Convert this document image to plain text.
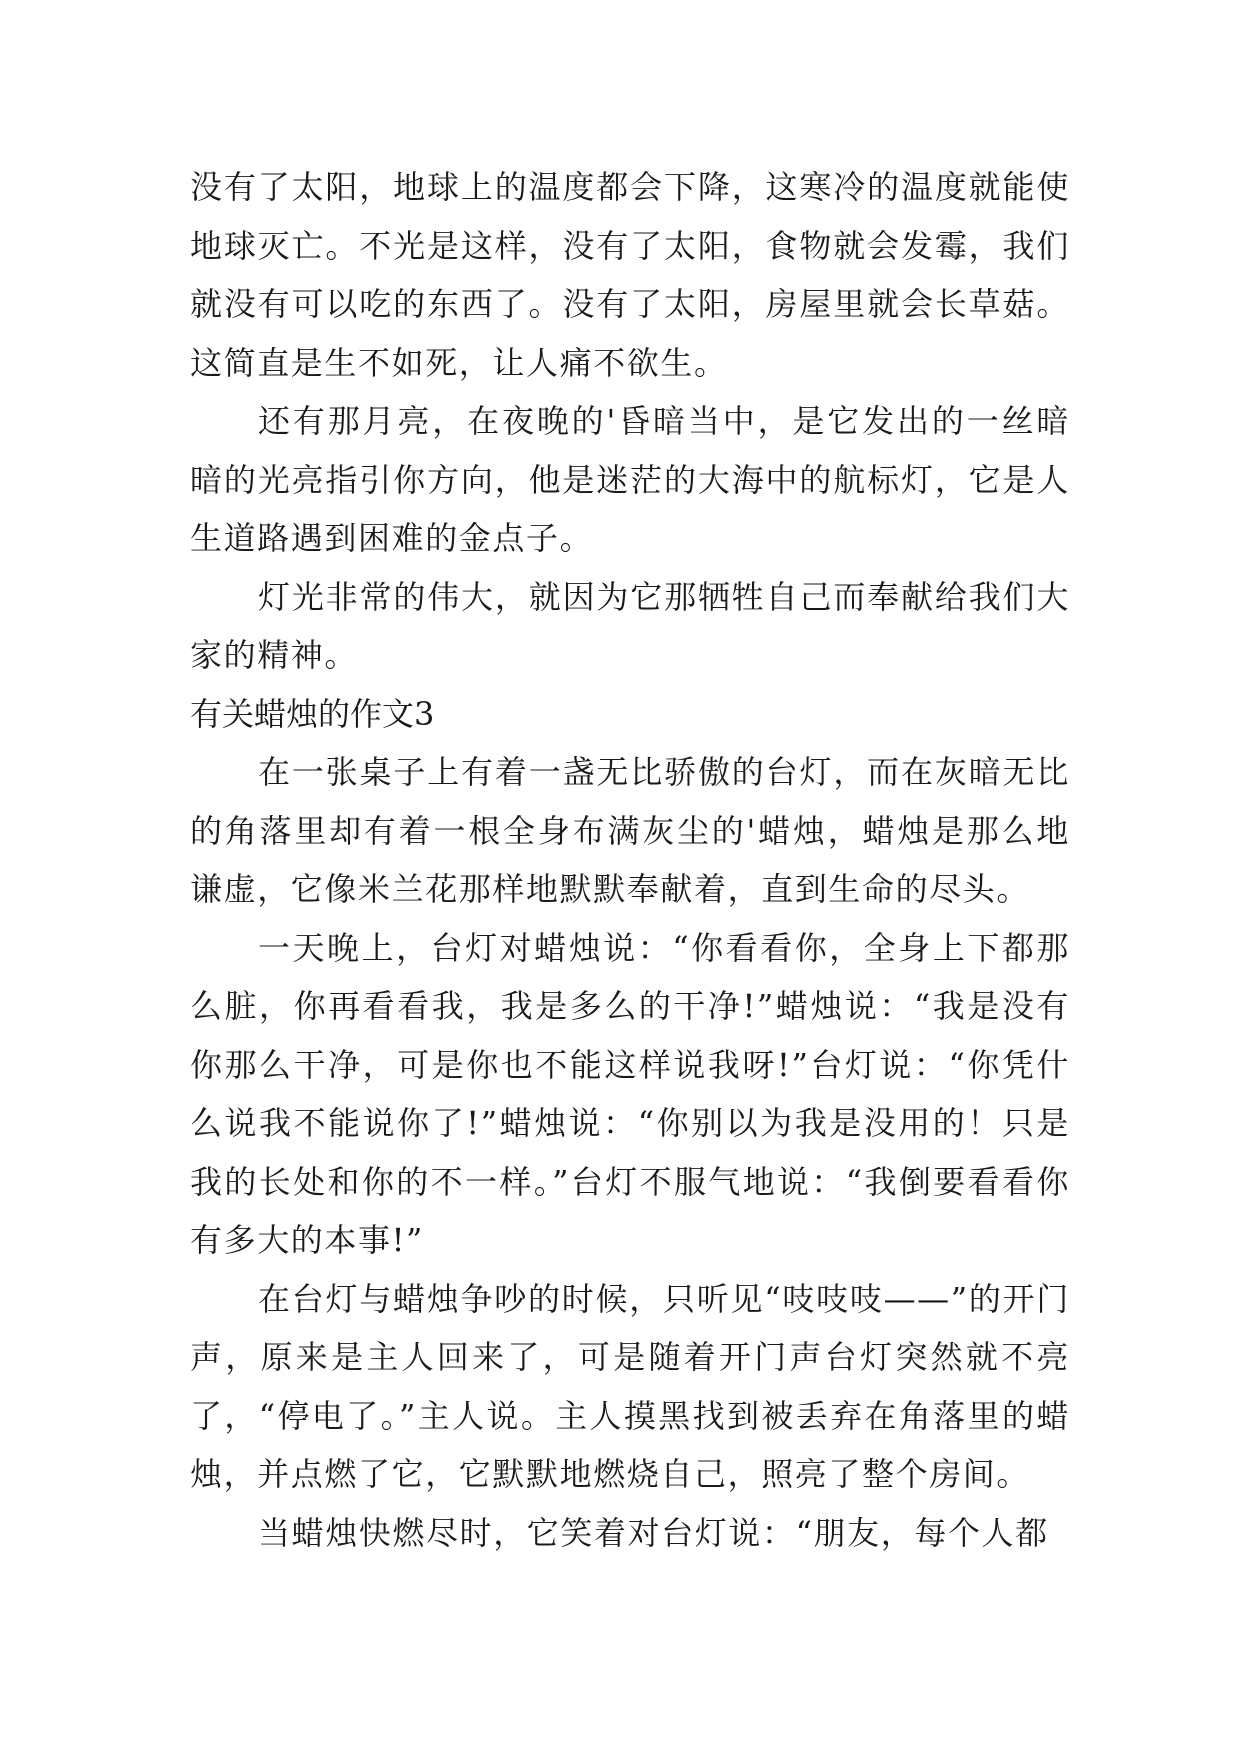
没有了太阳，地球上的温度都会下降，这寒冷的温度就能使地球灭亡。不光是这样，没有了太阳，食物就会发霉，我们就没有可以吃的东西了。没有了太阳，房屋里就会长草菇。这简直是生不如死，让人痛不欲生。

还有那月亮，在夜晚的'昏暗当中，是它发出的一丝暗暗的光亮指引你方向，他是迷茫的大海中的航标灯，它是人生道路遇到困难的金点子。

灯光非常的伟大，就因为它那牺牲自己而奉献给我们大家的精神。

有关蜡烛的作文3

在一张桌子上有着一盏无比骄傲的台灯，而在灰暗无比的角落里却有着一根全身布满灰尘的'蜡烛，蜡烛是那么地谦虚，它像米兰花那样地默默奉献着，直到生命的尽头。

一天晚上，台灯对蜡烛说：“你看看你，全身上下都那么脏，你再看看我，我是多么的干净!”蜡烛说：“我是没有你那么干净，可是你也不能这样说我呀!”台灯说：“你凭什么说我不能说你了!”蜡烛说：“你别以为我是没用的！只是我的长处和你的不一样。”台灯不服气地说：“我倒要看看你有多大的本事!”

在台灯与蜡烛争吵的时候，只听见“吱吱吱——”的开门声，原来是主人回来了，可是随着开门声台灯突然就不亮了，“停电了。”主人说。主人摸黑找到被丢弃在角落里的蜡烛，并点燃了它，它默默地燃烧自己，照亮了整个房间。

当蜡烛快燃尽时，它笑着对台灯说：“朋友，每个人都
